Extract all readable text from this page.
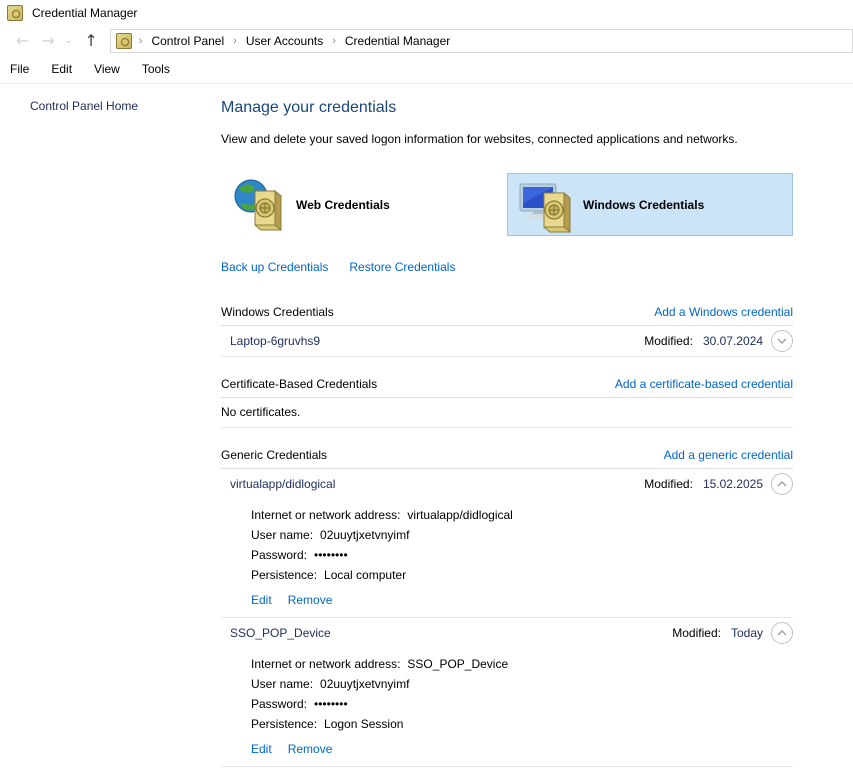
Credential Manager
← →	⌄ ↑	› Control Panel › User Accounts › Credential Manager
File	Edit	View	Tools
Control Panel Home	Manage your credentials
View and delete your saved logon information for websites, connected applications and networks.
Web Credentials	Windows Credentials
Back up Credentials Restore Credentials
Windows Credentials	Add a Windows credential
Laptop-6gruvhs9	Modified: 30.07.2024
Certificate-Based Credentials	Add a certificate-based credential
No certificates.
Generic Credentials	Add a generic credential
virtualapp/didlogical	Modified: 15.02.2025
Internet or network address: virtualapp/didlogical
User name: 02uuytjxetvnyimf
Password: ••••••••
Persistence: Local computer
Edit Remove
SSO_POP_Device	Modified: Today
Internet or network address: SSO_POP_Device
User name: 02uuytjxetvnyimf
Password: ••••••••
Persistence: Logon Session
Edit Remove
